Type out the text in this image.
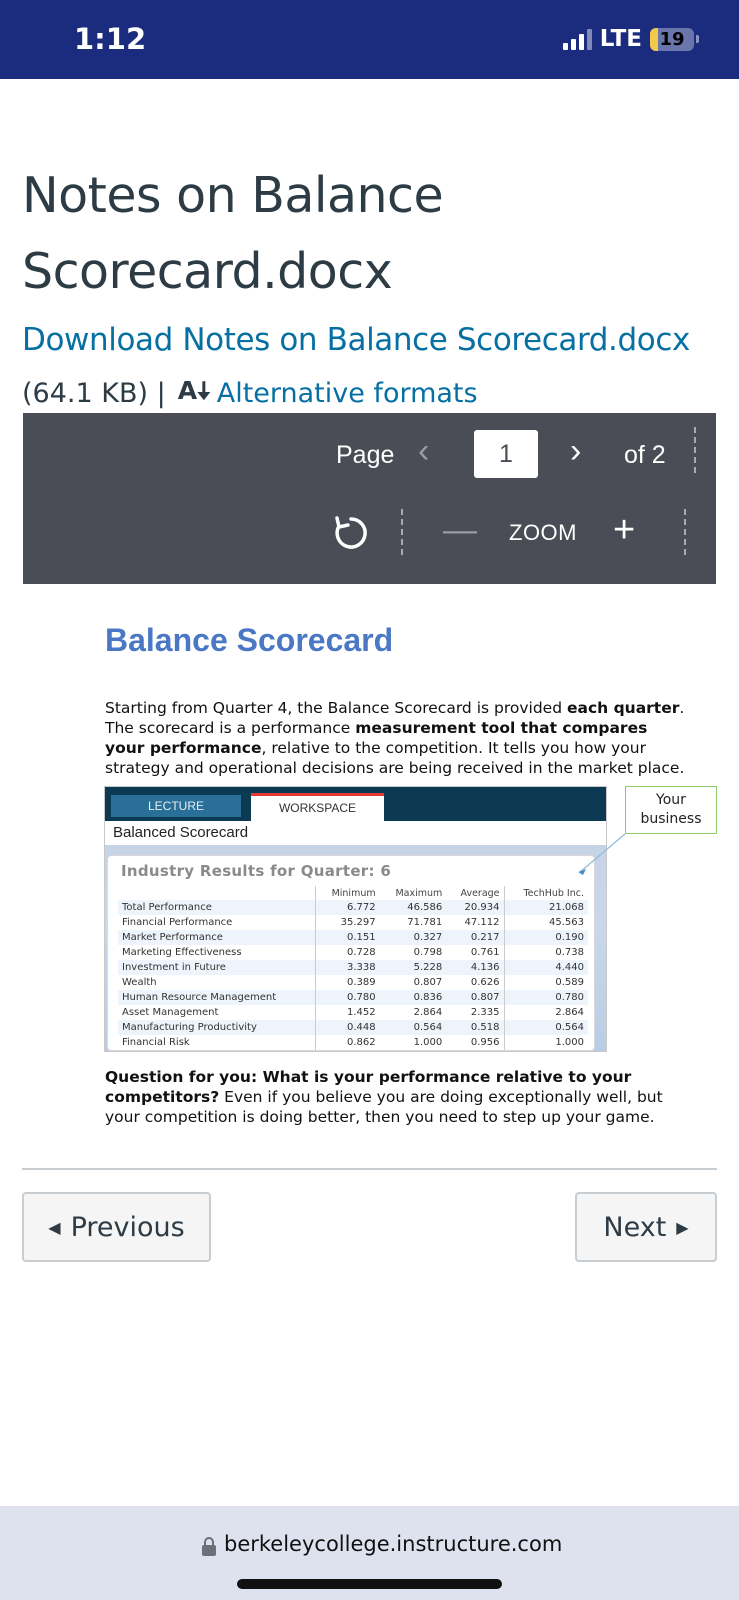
1:12	LTE 19
Notes on Balance Scorecard.docx
Download Notes on Balance Scorecard.docx
(64.1 KB) | A🠇 Alternative formats
Page ‹	1	› of 2
— ZOOM +
Balance Scorecard

Starting from Quarter 4, the Balance Scorecard is provided each quarter. The scorecard is a performance measurement tool that compares your performance, relative to the competition. It tells you how your strategy and operational decisions are being received in the market place.

LECTURE	WORKSPACE
Balanced Scorecard
Industry Results for Quarter: 6
	Minimum	Maximum	Average	TechHub Inc.
Total Performance	6.772	46.586	20.934	21.068
Financial Performance	35.297	71.781	47.112	45.563
Market Performance	0.151	0.327	0.217	0.190
Marketing Effectiveness	0.728	0.798	0.761	0.738
Investment in Future	3.338	5.228	4.136	4.440
Wealth	0.389	0.807	0.626	0.589
Human Resource Management	0.780	0.836	0.807	0.780
Asset Management	1.452	2.864	2.335	2.864
Manufacturing Productivity	0.448	0.564	0.518	0.564
Financial Risk	0.862	1.000	0.956	1.000
Your business

Question for you: What is your performance relative to your competitors? Even if you believe you are doing exceptionally well, but your competition is doing better, then you need to step up your game.

◀ Previous	Next ▶
berkeleycollege.instructure.com
